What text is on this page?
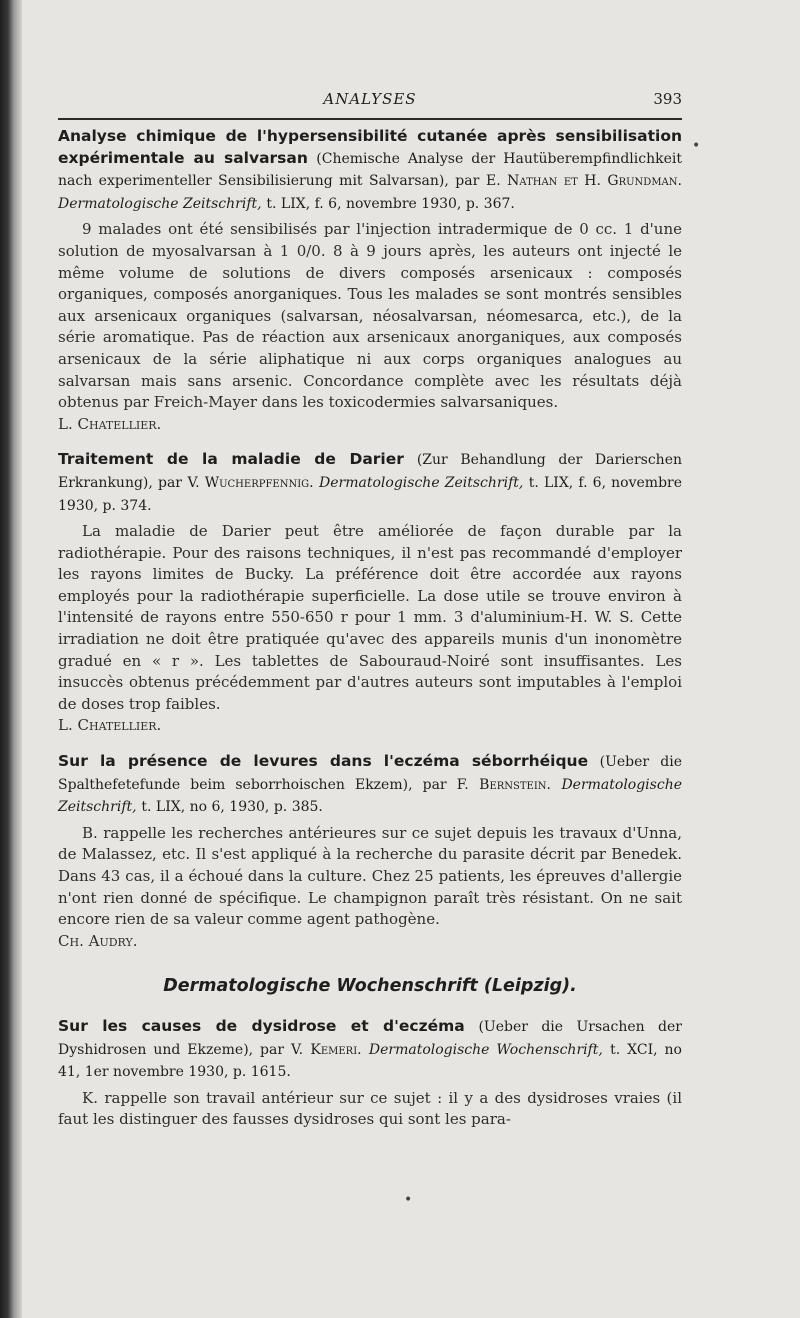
ANALYSES	393

Analyse chimique de l'hypersensibilité cutanée après sensibilisation expérimentale au salvarsan (Chemische Analyse der Hautüberempfindlichkeit nach experimenteller Sensibilisierung mit Salvarsan), par E. Nathan et H. Grundman. Dermatologische Zeitschrift, t. LIX, f. 6, novembre 1930, p. 367.

9 malades ont été sensibilisés par l'injection intradermique de 0 cc. 1 d'une solution de myosalvarsan à 1 0/0. 8 à 9 jours après, les auteurs ont injecté le même volume de solutions de divers composés arsenicaux : composés organiques, composés anorganiques. Tous les malades se sont montrés sensibles aux arsenicaux organiques (salvarsan, néosalvarsan, néomesarca, etc.), de la série aromatique. Pas de réaction aux arsenicaux anorganiques, aux composés arsenicaux de la série aliphatique ni aux corps organiques analogues au salvarsan mais sans arsenic. Concordance complète avec les résultats déjà obtenus par Freich-Mayer dans les toxicodermies salvarsaniques.

L. Chatellier.

Traitement de la maladie de Darier (Zur Behandlung der Darierschen Erkrankung), par V. Wucherpfennig. Dermatologische Zeitschrift, t. LIX, f. 6, novembre 1930, p. 374.

La maladie de Darier peut être améliorée de façon durable par la radiothérapie. Pour des raisons techniques, il n'est pas recommandé d'employer les rayons limites de Bucky. La préférence doit être accordée aux rayons employés pour la radiothérapie superficielle. La dose utile se trouve environ à l'intensité de rayons entre 550-650 r pour 1 mm. 3 d'aluminium-H. W. S. Cette irradiation ne doit être pratiquée qu'avec des appareils munis d'un inonomètre gradué en « r ». Les tablettes de Sabouraud-Noiré sont insuffisantes. Les insuccès obtenus précédemment par d'autres auteurs sont imputables à l'emploi de doses trop faibles.

L. Chatellier.

Sur la présence de levures dans l'eczéma séborrhéique (Ueber die Spalthefetefunde beim seborrhoischen Ekzem), par F. Bernstein. Dermatologische Zeitschrift, t. LIX, no 6, 1930, p. 385.

B. rappelle les recherches antérieures sur ce sujet depuis les travaux d'Unna, de Malassez, etc. Il s'est appliqué à la recherche du parasite décrit par Benedek. Dans 43 cas, il a échoué dans la culture. Chez 25 patients, les épreuves d'allergie n'ont rien donné de spécifique. Le champignon paraît très résistant. On ne sait encore rien de sa valeur comme agent pathogène.

Ch. Audry.

Dermatologische Wochenschrift (Leipzig).

Sur les causes de dysidrose et d'eczéma (Ueber die Ursachen der Dyshidrosen und Ekzeme), par V. Kemeri. Dermatologische Wochenschrift, t. XCI, no 41, 1er novembre 1930, p. 1615.

K. rappelle son travail antérieur sur ce sujet : il y a des dysidroses vraies (il faut les distinguer des fausses dysidroses qui sont les para-

•
•
